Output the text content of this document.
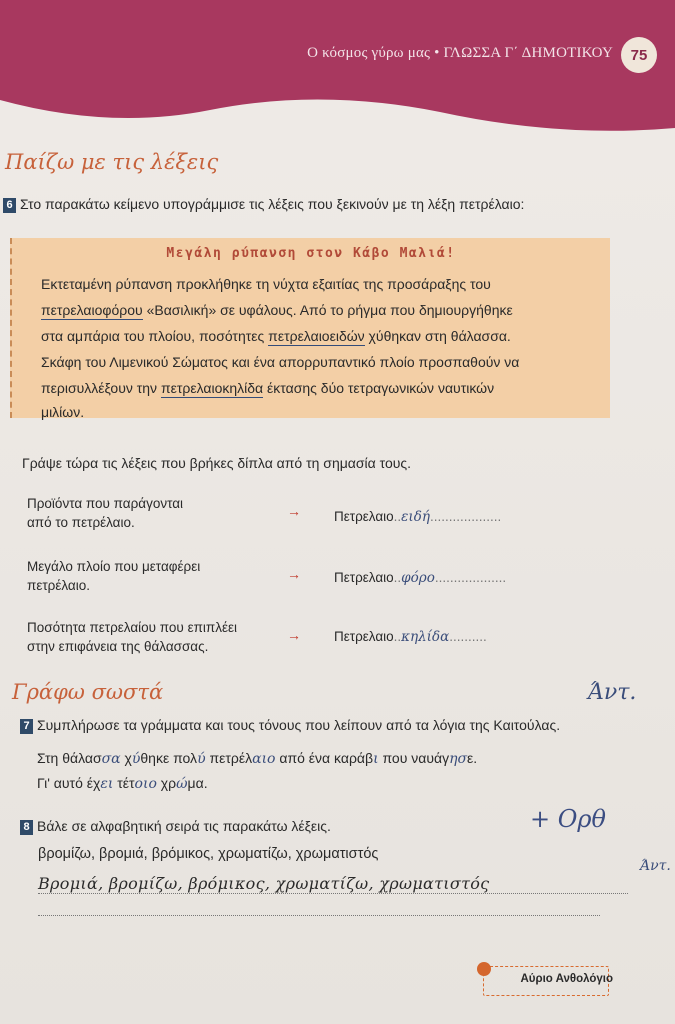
Ο κόσμος γύρω μας • ΓΛΩΣΣΑ Γ΄ ΔΗΜΟΤΙΚΟΥ	75
Παίζω με τις λέξεις
6 Στο παρακάτω κείμενο υπογράμμισε τις λέξεις που ξεκινούν με τη λέξη πετρέλαιο:
Μεγάλη ρύπανση στον Κάβο Μαλιά!
Εκτεταμένη ρύπανση προκλήθηκε τη νύχτα εξαιτίας της προσάραξης του
πετρελαιοφόρου «Βασιλική» σε υφάλους. Από το ρήγμα που δημιουργήθηκε
στα αμπάρια του πλοίου, ποσότητες πετρελαιοειδών χύθηκαν στη θάλασσα.
Σκάφη του Λιμενικού Σώματος και ένα απορρυπαντικό πλοίο προσπαθούν να
περισυλλέξουν την πετρελαιοκηλίδα έκτασης δύο τετραγωνικών ναυτικών
μιλίων.
Γράψε τώρα τις λέξεις που βρήκες δίπλα από τη σημασία τους.
Προϊόντα που παράγονται
από το πετρέλαιο.
→ Πετρελαιο..ειδή...................
Μεγάλο πλοίο που μεταφέρει
πετρέλαιο.
→ Πετρελαιο..φόρο...................
Ποσότητα πετρελαίου που επιπλέει
στην επιφάνεια της θάλασσας.
→ Πετρελαιο..κηλίδα..........
Γράφω σωστά
7 Συμπλήρωσε τα γράμματα και τους τόνους που λείπουν από τα λόγια της Καιτούλας.
Άντ.
Στη θάλασσα χύθηκε πολύ πετρέλαιο από ένα καράβι που ναυάγησε.
Γι' αυτό έχει τέτοιο χρώμα.
8 Βάλε σε αλφαβητική σειρά τις παρακάτω λέξεις.	+ Ορθ
Άντ.
βρομίζω, βρομιά, βρόμικος, χρωματίζω, χρωματιστός
Βρομιά, βρομίζω, βρόμικος, χρωματίζω, χρωματιστός
Αύριο Ανθολόγιο
